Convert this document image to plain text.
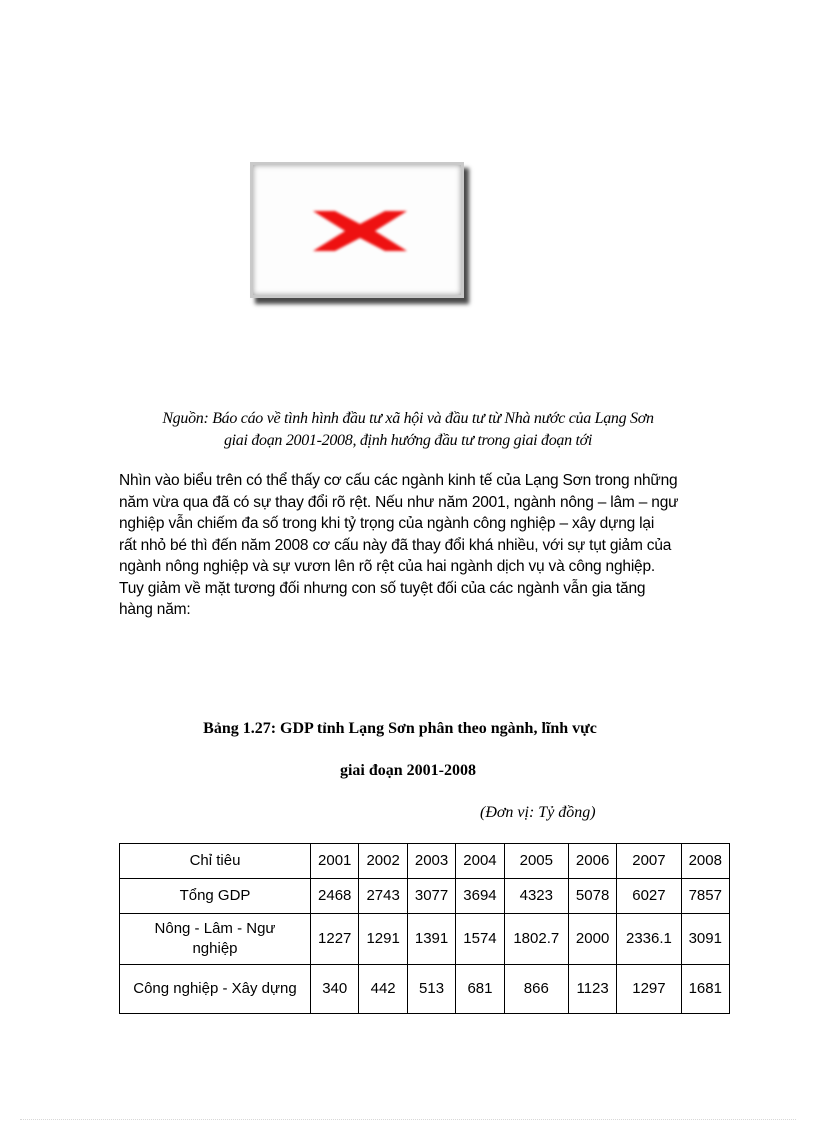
Nguồn: Báo cáo về tình hình đầu tư xã hội và đầu tư từ Nhà nước của Lạng Sơn
giai đoạn 2001-2008, định hướng đầu tư trong giai đoạn tới
Nhìn vào biểu trên có thể thấy cơ cấu các ngành kinh tế của Lạng Sơn trong những
năm vừa qua đã có sự thay đổi rõ rệt. Nếu như năm 2001, ngành nông – lâm – ngư
nghiệp vẫn chiếm đa số trong khi tỷ trọng của ngành công nghiệp – xây dựng lại
rất nhỏ bé thì đến năm 2008 cơ cấu này đã thay đổi khá nhiều, với sự tụt giảm của
ngành nông nghiệp và sự vươn lên rõ rệt của hai ngành dịch vụ và công nghiệp.
Tuy giảm về mặt tương đối nhưng con số tuyệt đối của các ngành vẫn gia tăng
hàng năm:
Bảng 1.27: GDP tỉnh Lạng Sơn phân theo ngành, lĩnh vực
giai đoạn 2001-2008
(Đơn vị: Tỷ đồng)
Chỉ tiêu	2001	2002	2003	2004	2005	2006	2007	2008
Tổng GDP	2468	2743	3077	3694	4323	5078	6027	7857

Nông - Lâm - Ngư
nghiệp	1227	1291	1391	1574	1802.7	2000	2336.1	3091
Công nghiệp - Xây dựng	340	442	513	681	866	1123	1297	1681
